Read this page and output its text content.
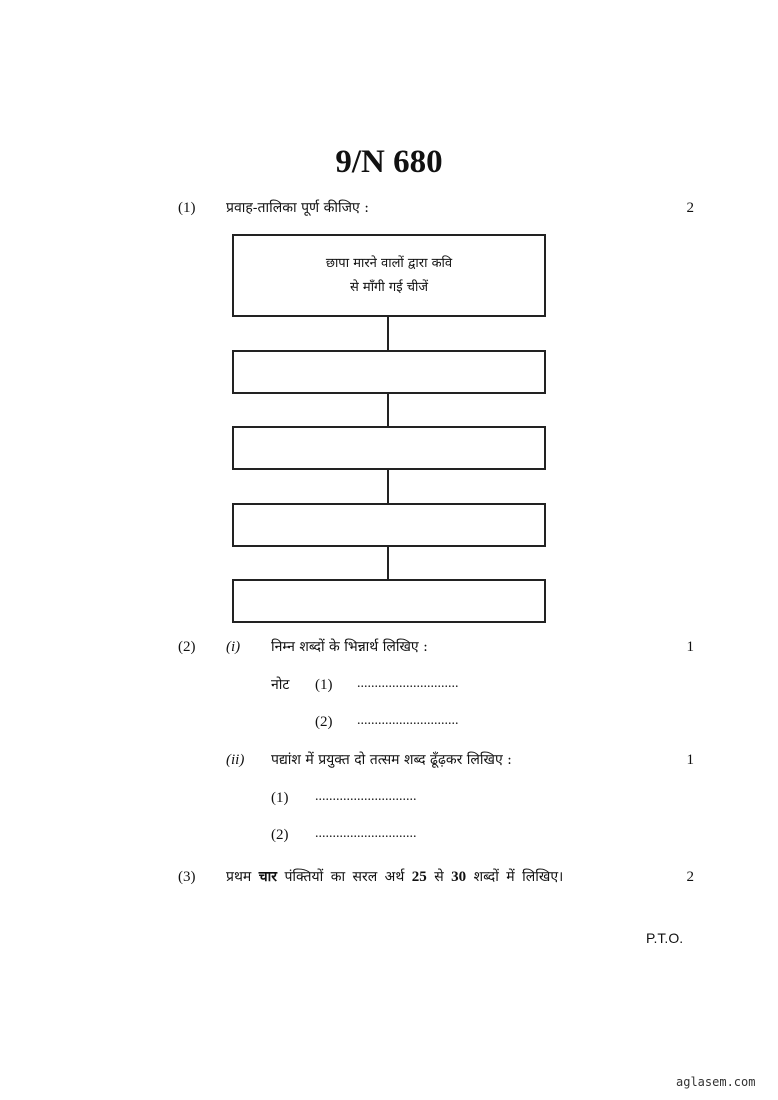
9/N 680
(1) प्रवाह-तालिका पूर्ण कीजिए :	2
छापा मारने वालों द्वारा कवि
से माँगी गई चीजें
(2) (i) निम्न शब्दों के भिन्नार्थ लिखिए :	1
नोट (1) .............................
(2) .............................
(ii) पद्यांश में प्रयुक्त दो तत्सम शब्द ढूँढ़कर लिखिए :	1
(1) .............................
(2) .............................
(3) प्रथम चार पंक्तियों का सरल अर्थ 25 से 30 शब्दों में लिखिए।	2
P.T.O.
aglasem.com
